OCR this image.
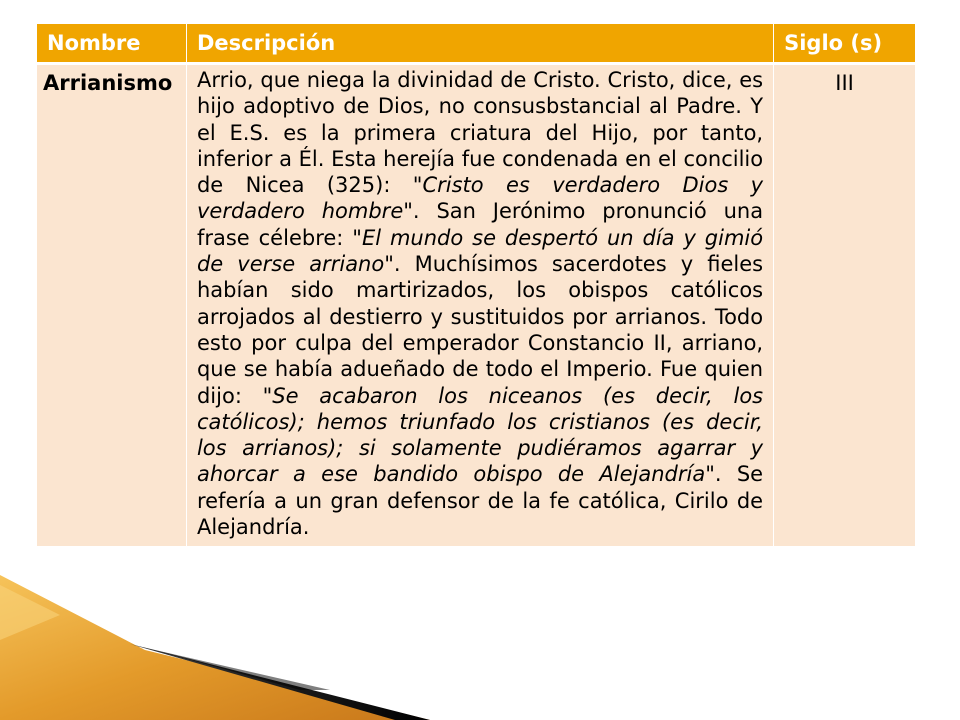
Nombre	Descripción	Siglo (s)
Arrianismo	Arrio, que niega la divinidad de Cristo. Cristo, dice, es hijo adoptivo de Dios, no consusbstancial al Padre. Y el E.S. es la primera criatura del Hijo, por tanto, inferior a Él. Esta herejía fue condenada en el concilio de Nicea (325): "Cristo es verdadero Dios y verdadero hombre". San Jerónimo pronunció una frase célebre: "El mundo se despertó un día y gimió de verse arriano". Muchísimos sacerdotes y fieles habían sido martirizados, los obispos católicos arrojados al destierro y sustituidos por arrianos. Todo esto por culpa del emperador Constancio II, arriano, que se había adueñado de todo el Imperio. Fue quien dijo: "Se acabaron los niceanos (es decir, los católicos); hemos triunfado los cristianos (es decir, los arrianos); si solamente pudiéramos agarrar y ahorcar a ese bandido obispo de Alejandría". Se refería a un gran defensor de la fe católica, Cirilo de Alejandría.	III
